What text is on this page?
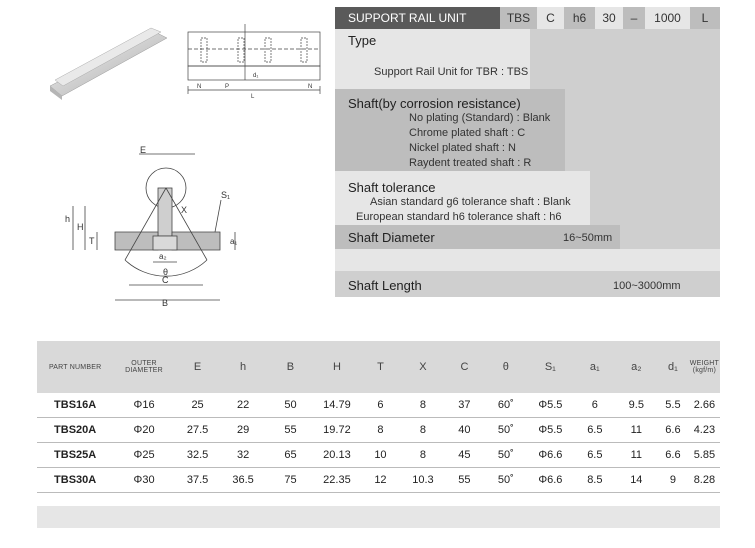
SUPPORT RAIL UNIT	TBS	C	h6	30	–	1000	L
Type
Support Rail Unit for TBR : TBS
Shaft(by corrosion resistance)
No plating (Standard) : Blank
Chrome plated shaft : C
Nickel plated shaft : N
Raydent treated shaft : R
Shaft tolerance
Asian standard g6 tolerance shaft : Blank
European standard h6 tolerance shaft : h6
Shaft Diameter	16~50mm
Shaft Length	100~3000mm
N	P
L
d₁
N
E
h
H
T
X
S₁
a₁
a₂
θ
C
B
PART NUMBER	OUTER DIAMETER	E	h	B	H	T	X	C	θ	S₁	a₁	a₂	d₁	WEIGHT
(kgf/m)
TBS16A	Φ16	25	22	50	14.79	6	8	37	60˚	Φ5.5	6	9.5	5.5	2.66
TBS20A	Φ20	27.5	29	55	19.72	8	8	40	50˚	Φ5.5	6.5	11	6.6	4.23
TBS25A	Φ25	32.5	32	65	20.13	10	8	45	50˚	Φ6.6	6.5	11	6.6	5.85
TBS30A	Φ30	37.5	36.5	75	22.35	12	10.3	55	50˚	Φ6.6	8.5	14	9	8.28
